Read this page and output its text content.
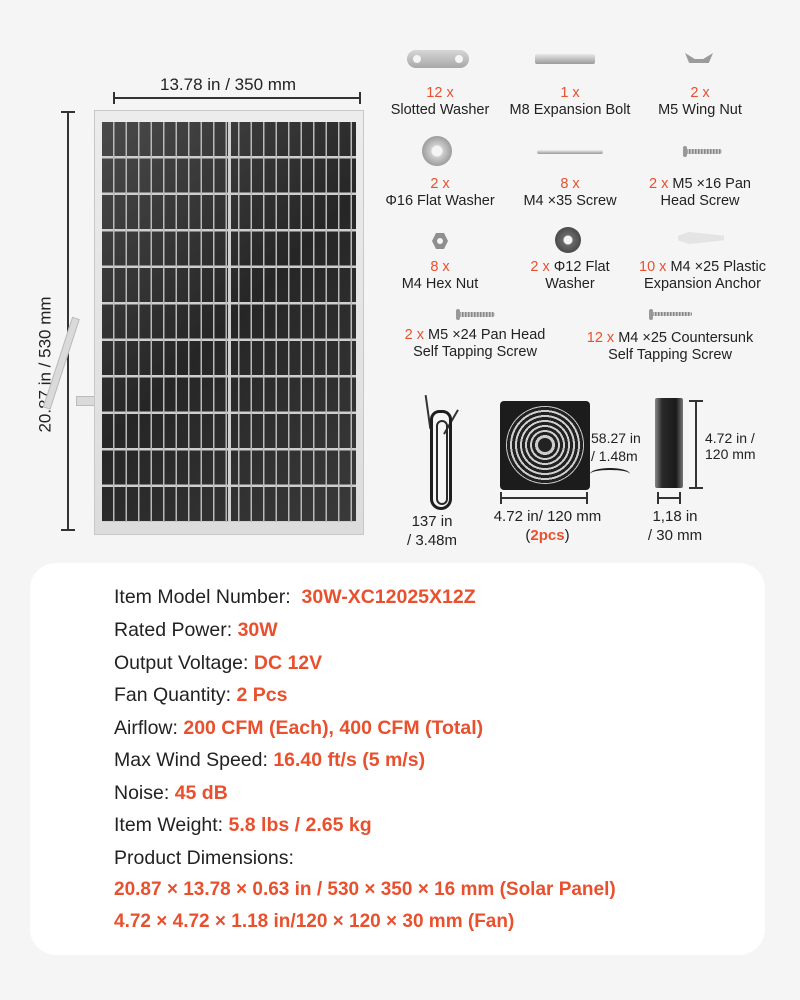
13.78 in / 350 mm
20.87 in / 530 mm
12 x
Slotted Washer
1 x
M8 Expansion Bolt
2 x
M5 Wing Nut
2 x
Φ16 Flat Washer
8 x
M4 ×35 Screw
2 x M5 ×16 Pan
Head Screw
8 x
M4 Hex Nut
2 x Φ12 Flat
Washer
10 x M4 ×25 Plastic
Expansion Anchor
2 x M5 ×24 Pan Head
Self Tapping Screw
12 x M4 ×25 Countersunk
Self Tapping Screw
137 in
/ 3.48m
58.27 in
/ 1.48m
4.72 in/ 120 mm
(2pcs)
4.72 in /
120 mm
1,18 in
/ 30 mm
Item Model Number: 30W-XC12025X12Z
Rated Power: 30W
Output Voltage: DC 12V
Fan Quantity: 2 Pcs
Airflow: 200 CFM (Each), 400 CFM (Total)
Max Wind Speed: 16.40 ft/s (5 m/s)
Noise: 45 dB
Item Weight: 5.8 lbs / 2.65 kg
Product Dimensions:
20.87 × 13.78 × 0.63 in / 530 × 350 × 16 mm (Solar Panel)
4.72 × 4.72 × 1.18 in/120 × 120 × 30 mm (Fan)
